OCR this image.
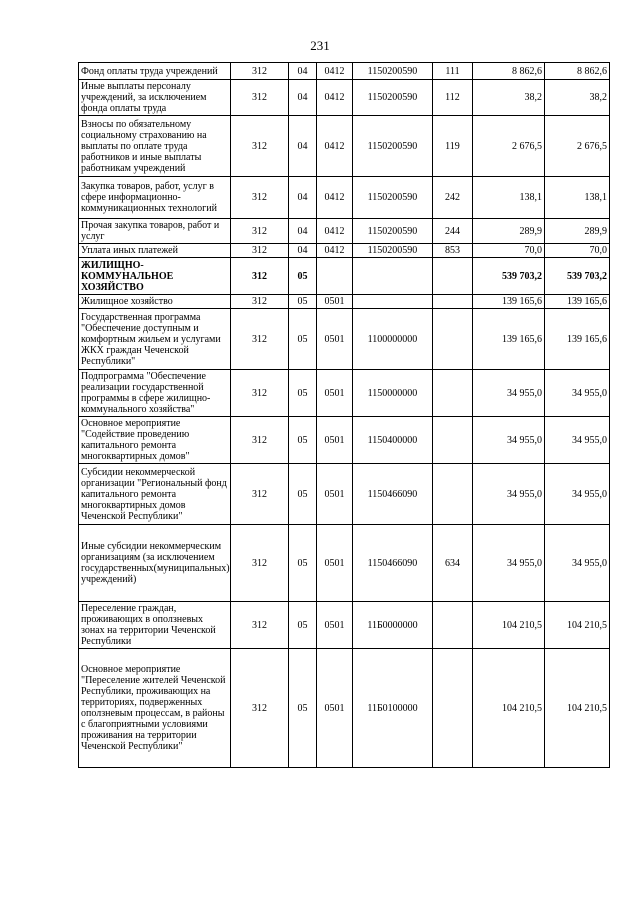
231
Фонд оплаты труда учреждений	312	04	0412	1150200590	111	8 862,6	8 862,6
Иные выплаты персоналу учреждений, за исключением фонда оплаты труда	312	04	0412	1150200590	112	38,2	38,2
Взносы по обязательному социальному страхованию на выплаты по оплате труда работников и иные выплаты работникам учреждений	312	04	0412	1150200590	119	2 676,5	2 676,5
Закупка товаров, работ, услуг в сфере информационно-коммуникационных технологий	312	04	0412	1150200590	242	138,1	138,1
Прочая закупка товаров, работ и услуг	312	04	0412	1150200590	244	289,9	289,9
Уплата иных платежей	312	04	0412	1150200590	853	70,0	70,0
ЖИЛИЩНО-КОММУНАЛЬНОЕ ХОЗЯЙСТВО	312	05				539 703,2	539 703,2
Жилищное хозяйство	312	05	0501			139 165,6	139 165,6
Государственная программа "Обеспечение доступным и комфортным жильем и услугами ЖКХ граждан Чеченской Республики"	312	05	0501	1100000000		139 165,6	139 165,6
Подпрограмма "Обеспечение реализации государственной программы в сфере жилищно-коммунального хозяйства"	312	05	0501	1150000000		34 955,0	34 955,0
Основное мероприятие "Содействие проведению капитального ремонта многоквартирных домов"	312	05	0501	1150400000		34 955,0	34 955,0
Субсидии некоммерческой организации "Региональный фонд капитального ремонта многоквартирных домов Чеченской Республики"	312	05	0501	1150466090		34 955,0	34 955,0
Иные субсидии некоммерческим организациям (за исключением государственных(муниципальных) учреждений)	312	05	0501	1150466090	634	34 955,0	34 955,0
Переселение граждан, проживающих в оползневых зонах на территории Чеченской Республики	312	05	0501	11Б0000000		104 210,5	104 210,5
Основное мероприятие "Переселение жителей Чеченской Республики, проживающих на территориях, подверженных оползневым процессам, в районы с благоприятными условиями проживания на территории Чеченской Республики"	312	05	0501	11Б0100000		104 210,5	104 210,5
